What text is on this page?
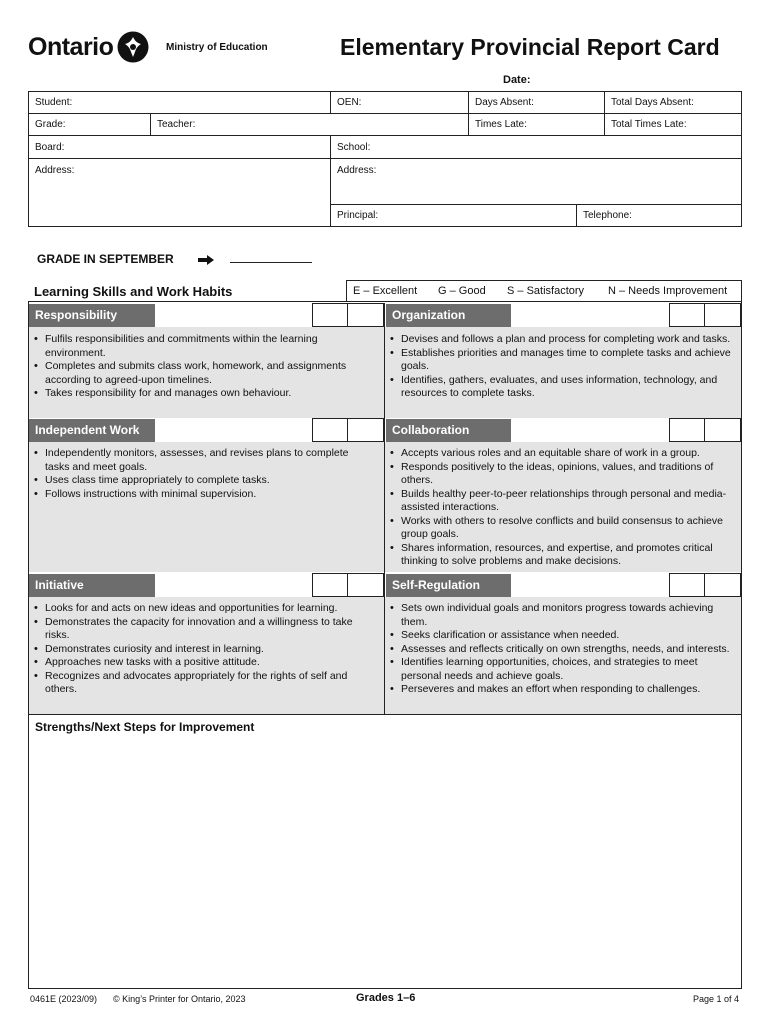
Ontario	Ministry of Education	Elementary Provincial Report Card
Date:
Student:	OEN:	Days Absent:	Total Days Absent:
Grade:	Teacher:	Times Late:	Total Times Late:
Board:	School:
Address:	Address:
Principal:	Telephone:
GRADE IN SEPTEMBER
Learning Skills and Work Habits	E – Excellent G – Good S – Satisfactory N – Needs Improvement
Responsibility
• Fulfils responsibilities and commitments within the learning environment.
• Completes and submits class work, homework, and assignments according to agreed-upon timelines.
• Takes responsibility for and manages own behaviour.
Organization
• Devises and follows a plan and process for completing work and tasks.
• Establishes priorities and manages time to complete tasks and achieve goals.
• Identifies, gathers, evaluates, and uses information, technology, and resources to complete tasks.
Independent Work
• Independently monitors, assesses, and revises plans to complete tasks and meet goals.
• Uses class time appropriately to complete tasks.
• Follows instructions with minimal supervision.
Collaboration
• Accepts various roles and an equitable share of work in a group.
• Responds positively to the ideas, opinions, values, and traditions of others.
• Builds healthy peer-to-peer relationships through personal and media-assisted interactions.
• Works with others to resolve conflicts and build consensus to achieve group goals.
• Shares information, resources, and expertise, and promotes critical thinking to solve problems and make decisions.
Initiative
• Looks for and acts on new ideas and opportunities for learning.
• Demonstrates the capacity for innovation and a willingness to take risks.
• Demonstrates curiosity and interest in learning.
• Approaches new tasks with a positive attitude.
• Recognizes and advocates appropriately for the rights of self and others.
Self-Regulation
• Sets own individual goals and monitors progress towards achieving them.
• Seeks clarification or assistance when needed.
• Assesses and reflects critically on own strengths, needs, and interests.
• Identifies learning opportunities, choices, and strategies to meet personal needs and achieve goals.
• Perseveres and makes an effort when responding to challenges.
Strengths/Next Steps for Improvement
0461E (2023/09) © King’s Printer for Ontario, 2023	Grades 1–6	Page 1 of 4
